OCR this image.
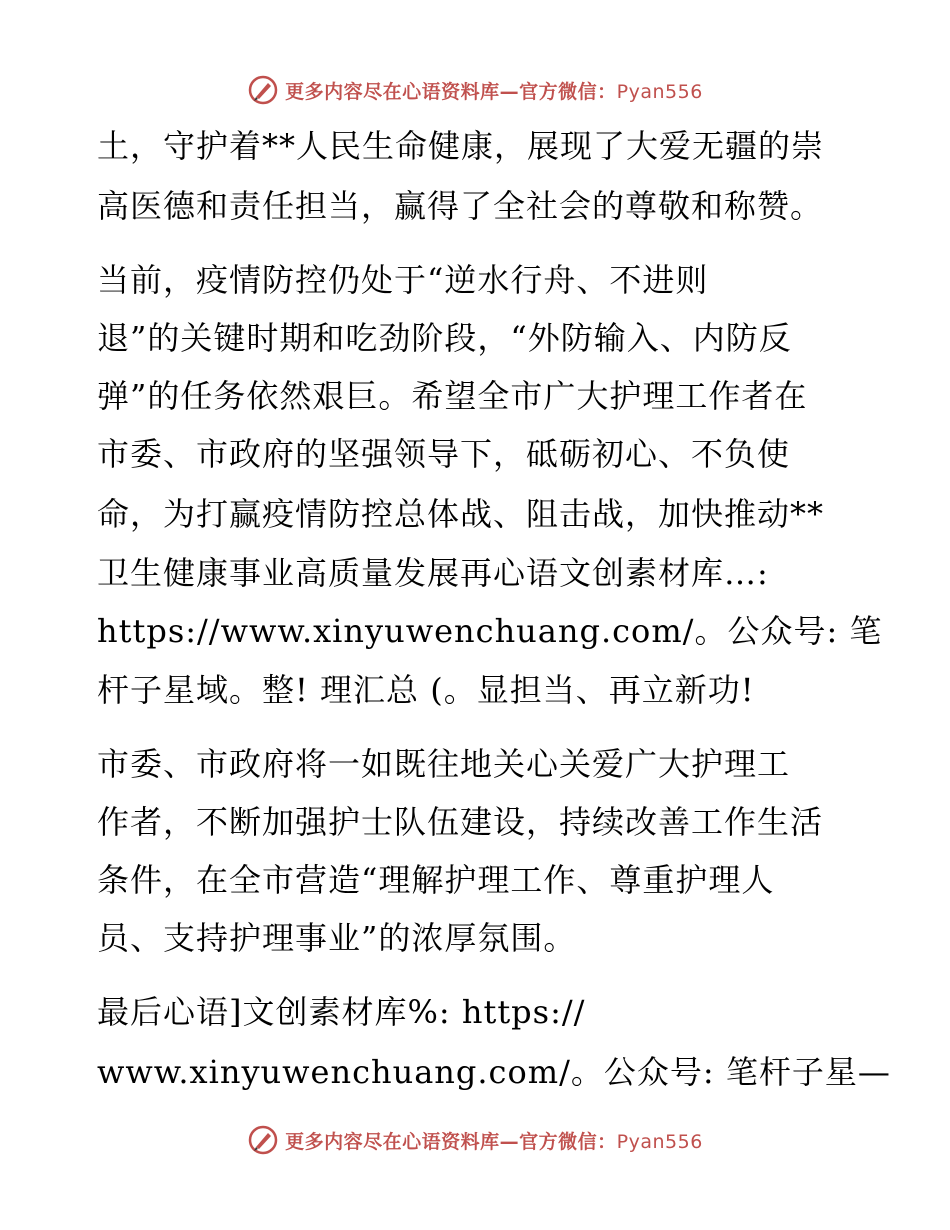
更多内容尽在心语资料库—官方微信：Pyan556
土，守护着**人民生命健康，展现了大爱无疆的崇
高医德和责任担当，赢得了全社会的尊敬和称赞。
当前，疫情防控仍处于“逆水行舟、不进则
退”的关键时期和吃劲阶段，“外防输入、内防反
弹”的任务依然艰巨。希望全市广大护理工作者在
市委、市政府的坚强领导下，砥砺初心、不负使
命，为打赢疫情防控总体战、阻击战，加快推动**
卫生健康事业高质量发展再心语文创素材库…:
https://www.xinyuwenchuang.com/。公众号: 笔
杆子星域。整! 理汇总 (。显担当、再立新功!
市委、市政府将一如既往地关心关爱广大护理工
作者，不断加强护士队伍建设，持续改善工作生活
条件，在全市营造“理解护理工作、尊重护理人
员、支持护理事业”的浓厚氛围。
最后心语]文创素材库%: https://
www.xinyuwenchuang.com/。公众号: 笔杆子星—
更多内容尽在心语资料库—官方微信：Pyan556
